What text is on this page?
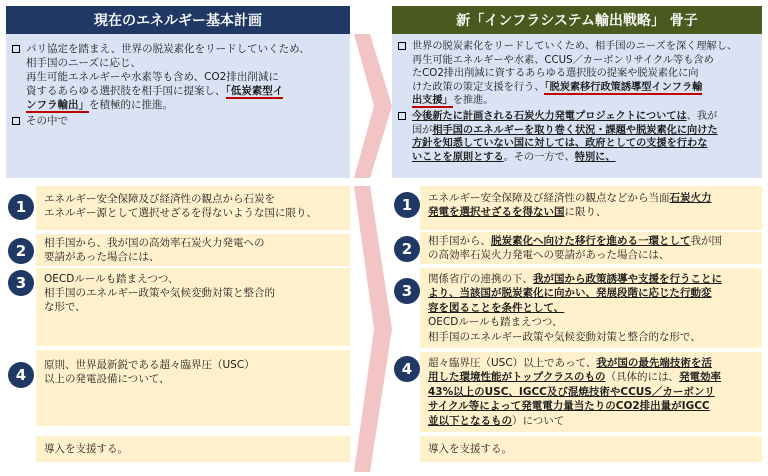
現在のエネルギー基本計画	新「インフラシステム輸出戦略」 骨子
パリ協定を踏まえ、世界の脱炭素化をリードしていくため、
相手国のニーズに応じ、
再生可能エネルギーや水素等も含め、CO2排出削減に
資するあらゆる選択肢を相手国に提案し、「低炭素型イ
ンフラ輸出」を積極的に推進。
その中で
世界の脱炭素化をリードしていくため、相手国のニーズを深く理解し、
再生可能エネルギーや水素、CCUS／カーボンリサイクル等も含め
たCO2排出削減に資するあらゆる選択肢の提案や脱炭素化に向
けた政策の策定支援を行う、「脱炭素移行政策誘導型インフラ輸
出支援」を推進。
今後新たに計画される石炭火力発電プロジェクトについては、我が
国が相手国のエネルギーを取り巻く状況・課題や脱炭素化に向けた
方針を知悉していない国に対しては、政府としての支援を行わな
いことを原則とする。その一方で、特別に、
エネルギー安全保障及び経済性の観点から石炭を
エネルギー源として選択せざるを得ないような国に限り、
1
相手国から、我が国の高効率石炭火力発電への
要請があった場合には、
2
OECDルールも踏まえつつ、
相手国のエネルギー政策や気候変動対策と整合的
な形で、
3
原則、世界最新鋭である超々臨界圧（USC）
以上の発電設備について、
4
導入を支援する。
エネルギー安全保障及び経済性の観点などから当面石炭火力
発電を選択せざるを得ない国に限り、
1
相手国から、脱炭素化へ向けた移行を進める一環として我が国
の高効率石炭火力発電への要請があった場合には、
2
関係省庁の連携の下、我が国から政策誘導や支援を行うことに
より、当該国が脱炭素化に向かい、発展段階に応じた行動変
容を図ることを条件として、
OECDルールも踏まえつつ、
相手国のエネルギー政策や気候変動対策と整合的な形で、
3
超々臨界圧（USC）以上であって、我が国の最先端技術を活
用した環境性能がトップクラスのもの（具体的には、発電効率
43%以上のUSC、IGCC及び混焼技術やCCUS／カーボンリ
サイクル等によって発電電力量当たりのCO2排出量がIGCC
並以下となるもの）について
4
導入を支援する。
